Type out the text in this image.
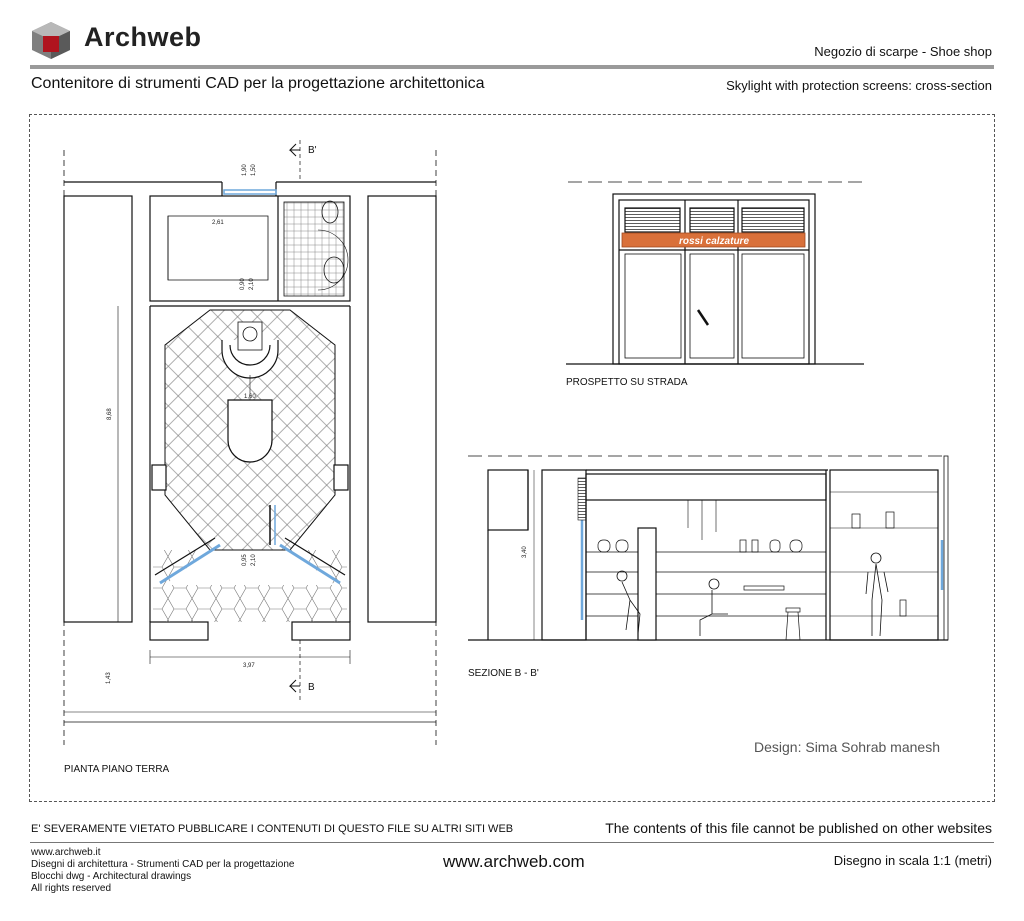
Archweb	Negozio di scarpe - Shoe shop
Contenitore di strumenti CAD per la progettazione architettonica	Skylight with protection screens: cross-section
PIANTA PIANO TERRA
PROSPETTO SU STRADA
SEZIONE B - B'
B'
B
rossi calzature
1,90 1,50
2,61
0,90 2,10
1,60
8,68
0,95 2,10
3,97
1,43
3,40
Design: Sima Sohrab manesh
E' SEVERAMENTE VIETATO PUBBLICARE I CONTENUTI DI QUESTO FILE SU ALTRI SITI WEB	The contents of this file cannot be published on other websites
www.archweb.it
Disegni di architettura - Strumenti CAD per la progettazione
Blocchi dwg - Architectural drawings
All rights reserved
www.archweb.com	Disegno in scala 1:1 (metri)
